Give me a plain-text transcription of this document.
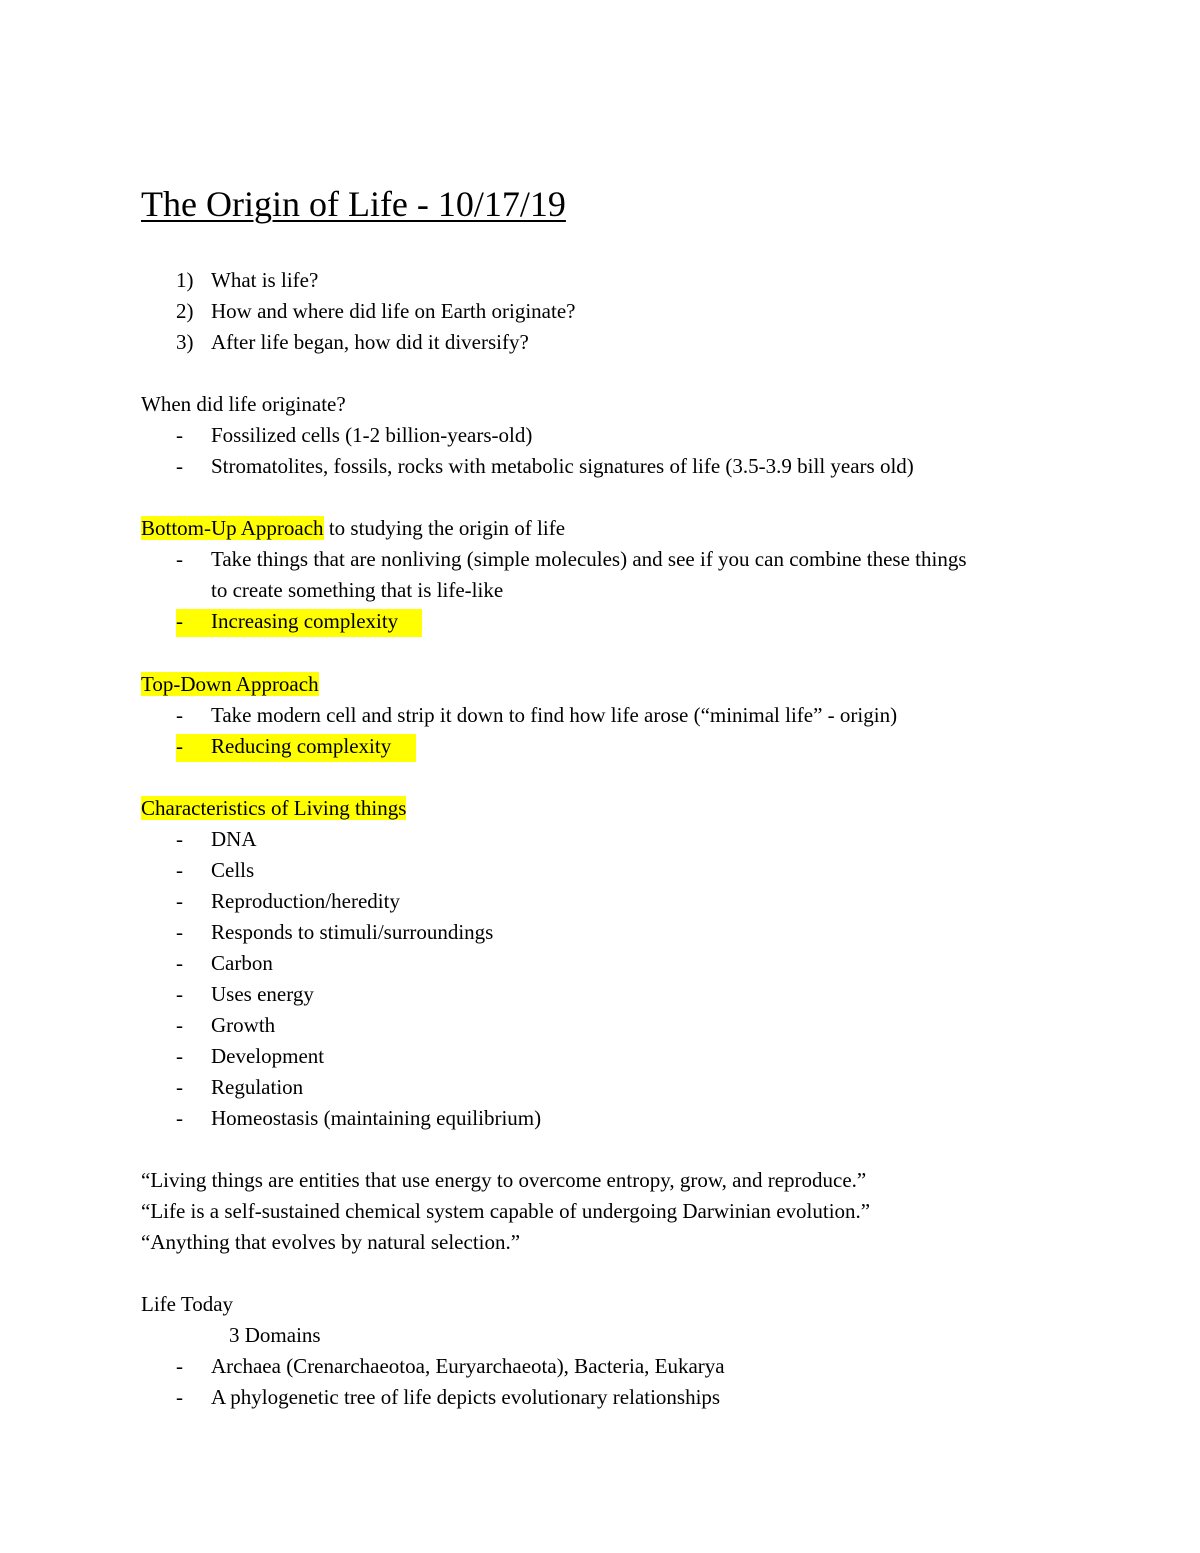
The Origin of Life - 10/17/19
1) What is life?
2) How and where did life on Earth originate?
3) After life began, how did it diversify?
When did life originate?
- Fossilized cells (1-2 billion-years-old)
- Stromatolites, fossils, rocks with metabolic signatures of life (3.5-3.9 bill years old)
Bottom-Up Approach to studying the origin of life
- Take things that are nonliving (simple molecules) and see if you can combine these things
to create something that is life-like
- Increasing complexity
Top-Down Approach
- Take modern cell and strip it down to find how life arose (“minimal life” - origin)
- Reducing complexity
Characteristics of Living things
- DNA
- Cells
- Reproduction/heredity
- Responds to stimuli/surroundings
- Carbon
- Uses energy
- Growth
- Development
- Regulation
- Homeostasis (maintaining equilibrium)
“Living things are entities that use energy to overcome entropy, grow, and reproduce.”
“Life is a self-sustained chemical system capable of undergoing Darwinian evolution.”
“Anything that evolves by natural selection.”
Life Today
3 Domains
- Archaea (Crenarchaeotoa, Euryarchaeota), Bacteria, Eukarya
- A phylogenetic tree of life depicts evolutionary relationships
